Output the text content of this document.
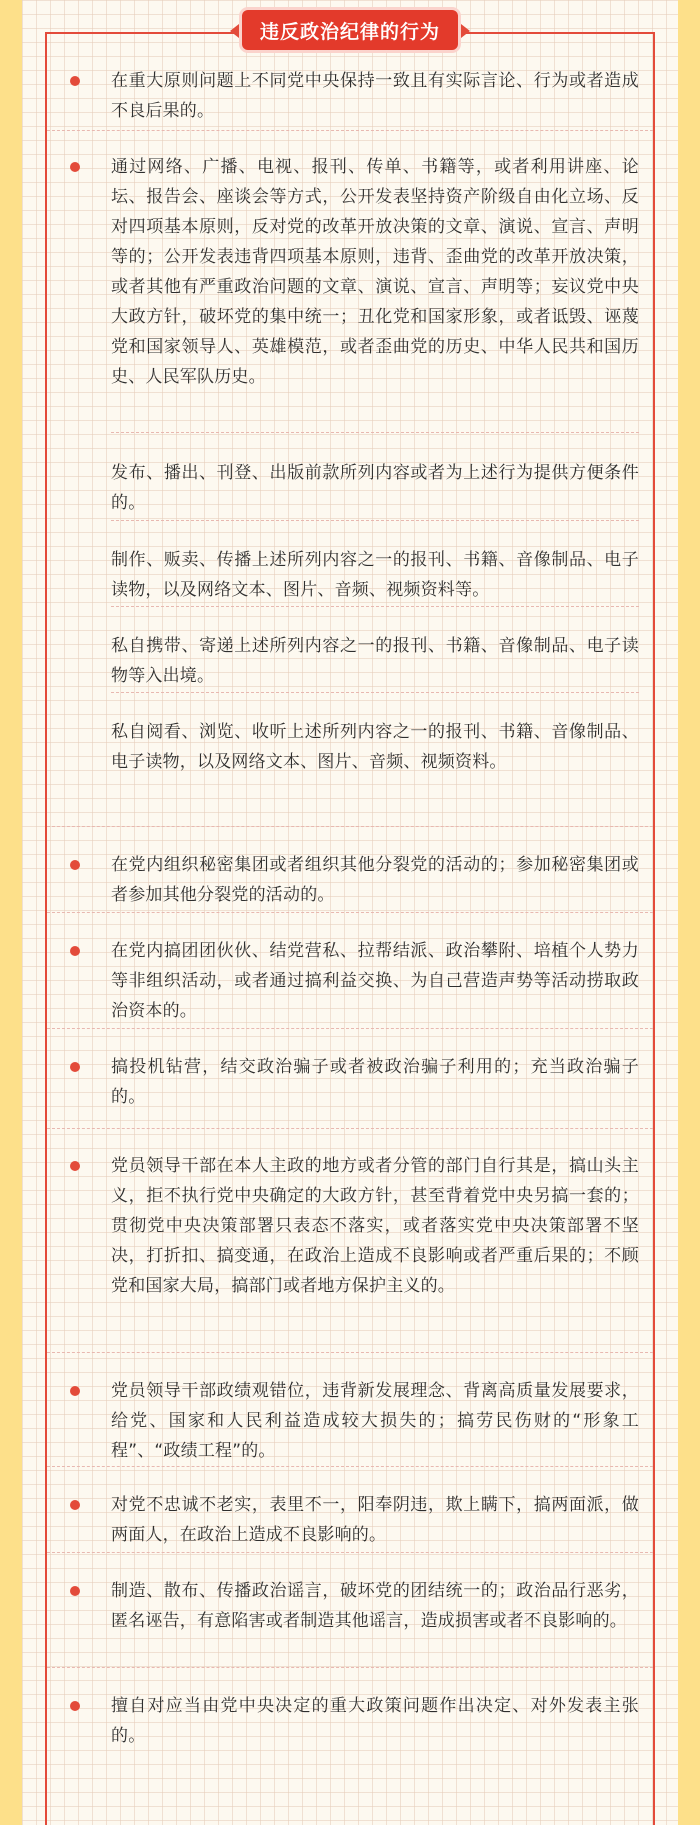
违反政治纪律的行为
在重大原则问题上不同党中央保持一致且有实际言论、行为或者造成不良后果的。
通过网络、广播、电视、报刊、传单、书籍等，或者利用讲座、论坛、报告会、座谈会等方式，公开发表坚持资产阶级自由化立场、反对四项基本原则，反对党的改革开放决策的文章、演说、宣言、声明等的；公开发表违背四项基本原则，违背、歪曲党的改革开放决策，或者其他有严重政治问题的文章、演说、宣言、声明等；妄议党中央大政方针，破坏党的集中统一；丑化党和国家形象，或者诋毁、诬蔑党和国家领导人、英雄模范，或者歪曲党的历史、中华人民共和国历史、人民军队历史。
发布、播出、刊登、出版前款所列内容或者为上述行为提供方便条件的。
制作、贩卖、传播上述所列内容之一的报刊、书籍、音像制品、电子读物，以及网络文本、图片、音频、视频资料等。
私自携带、寄递上述所列内容之一的报刊、书籍、音像制品、电子读物等入出境。
私自阅看、浏览、收听上述所列内容之一的报刊、书籍、音像制品、电子读物，以及网络文本、图片、音频、视频资料。
在党内组织秘密集团或者组织其他分裂党的活动的；参加秘密集团或者参加其他分裂党的活动的。
在党内搞团团伙伙、结党营私、拉帮结派、政治攀附、培植个人势力等非组织活动，或者通过搞利益交换、为自己营造声势等活动捞取政治资本的。
搞投机钻营，结交政治骗子或者被政治骗子利用的；充当政治骗子的。
党员领导干部在本人主政的地方或者分管的部门自行其是，搞山头主义，拒不执行党中央确定的大政方针，甚至背着党中央另搞一套的；贯彻党中央决策部署只表态不落实，或者落实党中央决策部署不坚决，打折扣、搞变通，在政治上造成不良影响或者严重后果的；不顾党和国家大局，搞部门或者地方保护主义的。
党员领导干部政绩观错位，违背新发展理念、背离高质量发展要求，给党、国家和人民利益造成较大损失的；搞劳民伤财的“形象工程”、“政绩工程”的。
对党不忠诚不老实，表里不一，阳奉阴违，欺上瞒下，搞两面派，做两面人，在政治上造成不良影响的。
制造、散布、传播政治谣言，破坏党的团结统一的；政治品行恶劣，匿名诬告，有意陷害或者制造其他谣言，造成损害或者不良影响的。
擅自对应当由党中央决定的重大政策问题作出决定、对外发表主张的。
